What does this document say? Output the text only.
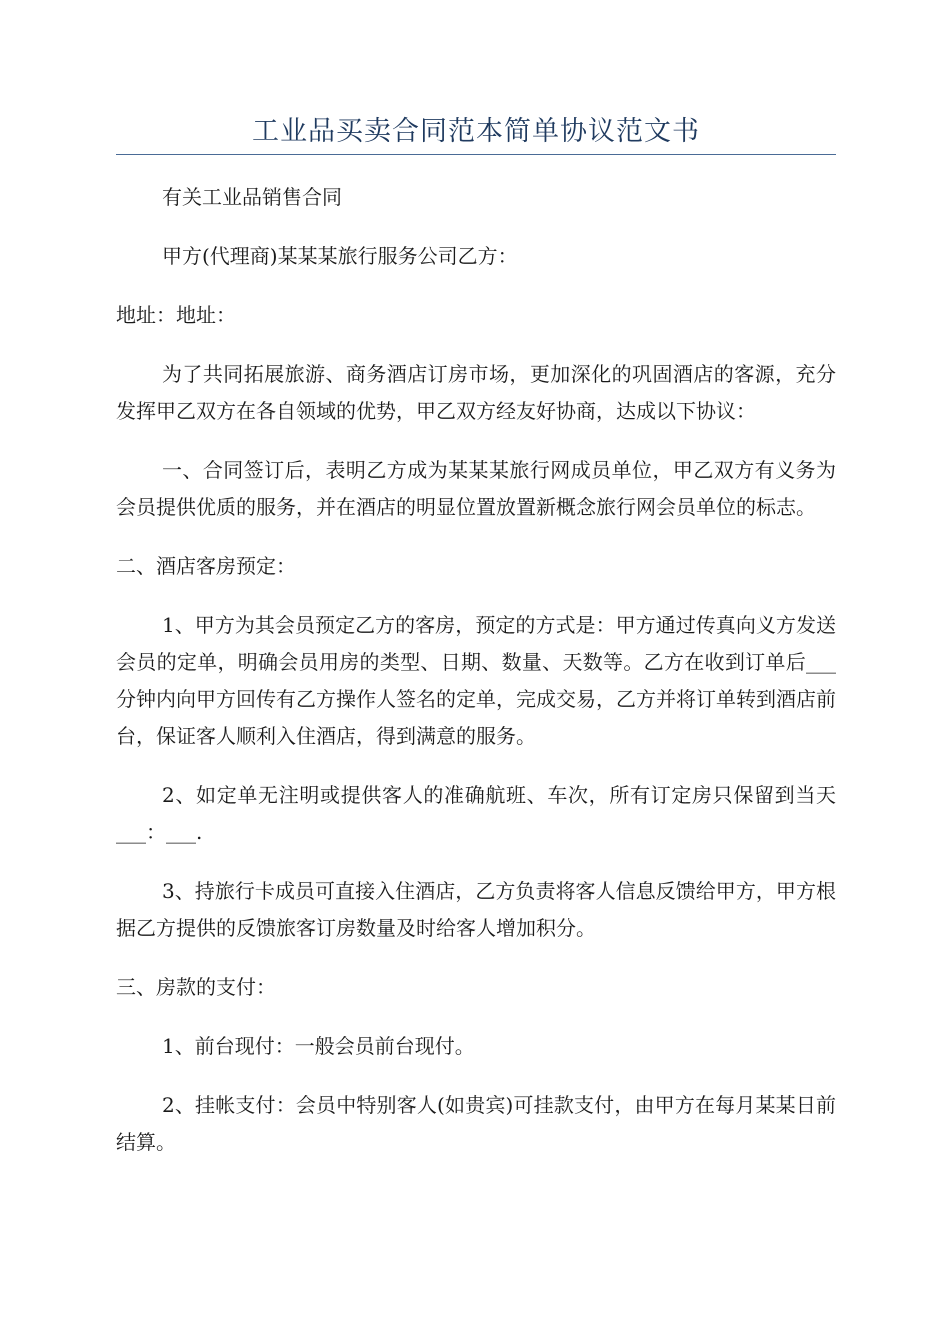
工业品买卖合同范本简单协议范文书

有关工业品销售合同

甲方(代理商)某某某旅行服务公司乙方：

地址：地址：

为了共同拓展旅游、商务酒店订房市场，更加深化的巩固酒店的客源，充分发挥甲乙双方在各自领域的优势，甲乙双方经友好协商，达成以下协议：

一、合同签订后，表明乙方成为某某某旅行网成员单位，甲乙双方有义务为会员提供优质的服务，并在酒店的明显位置放置新概念旅行网会员单位的标志。

二、酒店客房预定：

1、甲方为其会员预定乙方的客房，预定的方式是：甲方通过传真向义方发送会员的定单，明确会员用房的类型、日期、数量、天数等。乙方在收到订单后___分钟内向甲方回传有乙方操作人签名的定单，完成交易，乙方并将订单转到酒店前台，保证客人顺利入住酒店，得到满意的服务。

2、如定单无注明或提供客人的准确航班、车次，所有订定房只保留到当天___：___.

3、持旅行卡成员可直接入住酒店，乙方负责将客人信息反馈给甲方，甲方根据乙方提供的反馈旅客订房数量及时给客人增加积分。

三、房款的支付：

1、前台现付：一般会员前台现付。

2、挂帐支付：会员中特别客人(如贵宾)可挂款支付，由甲方在每月某某日前结算。
